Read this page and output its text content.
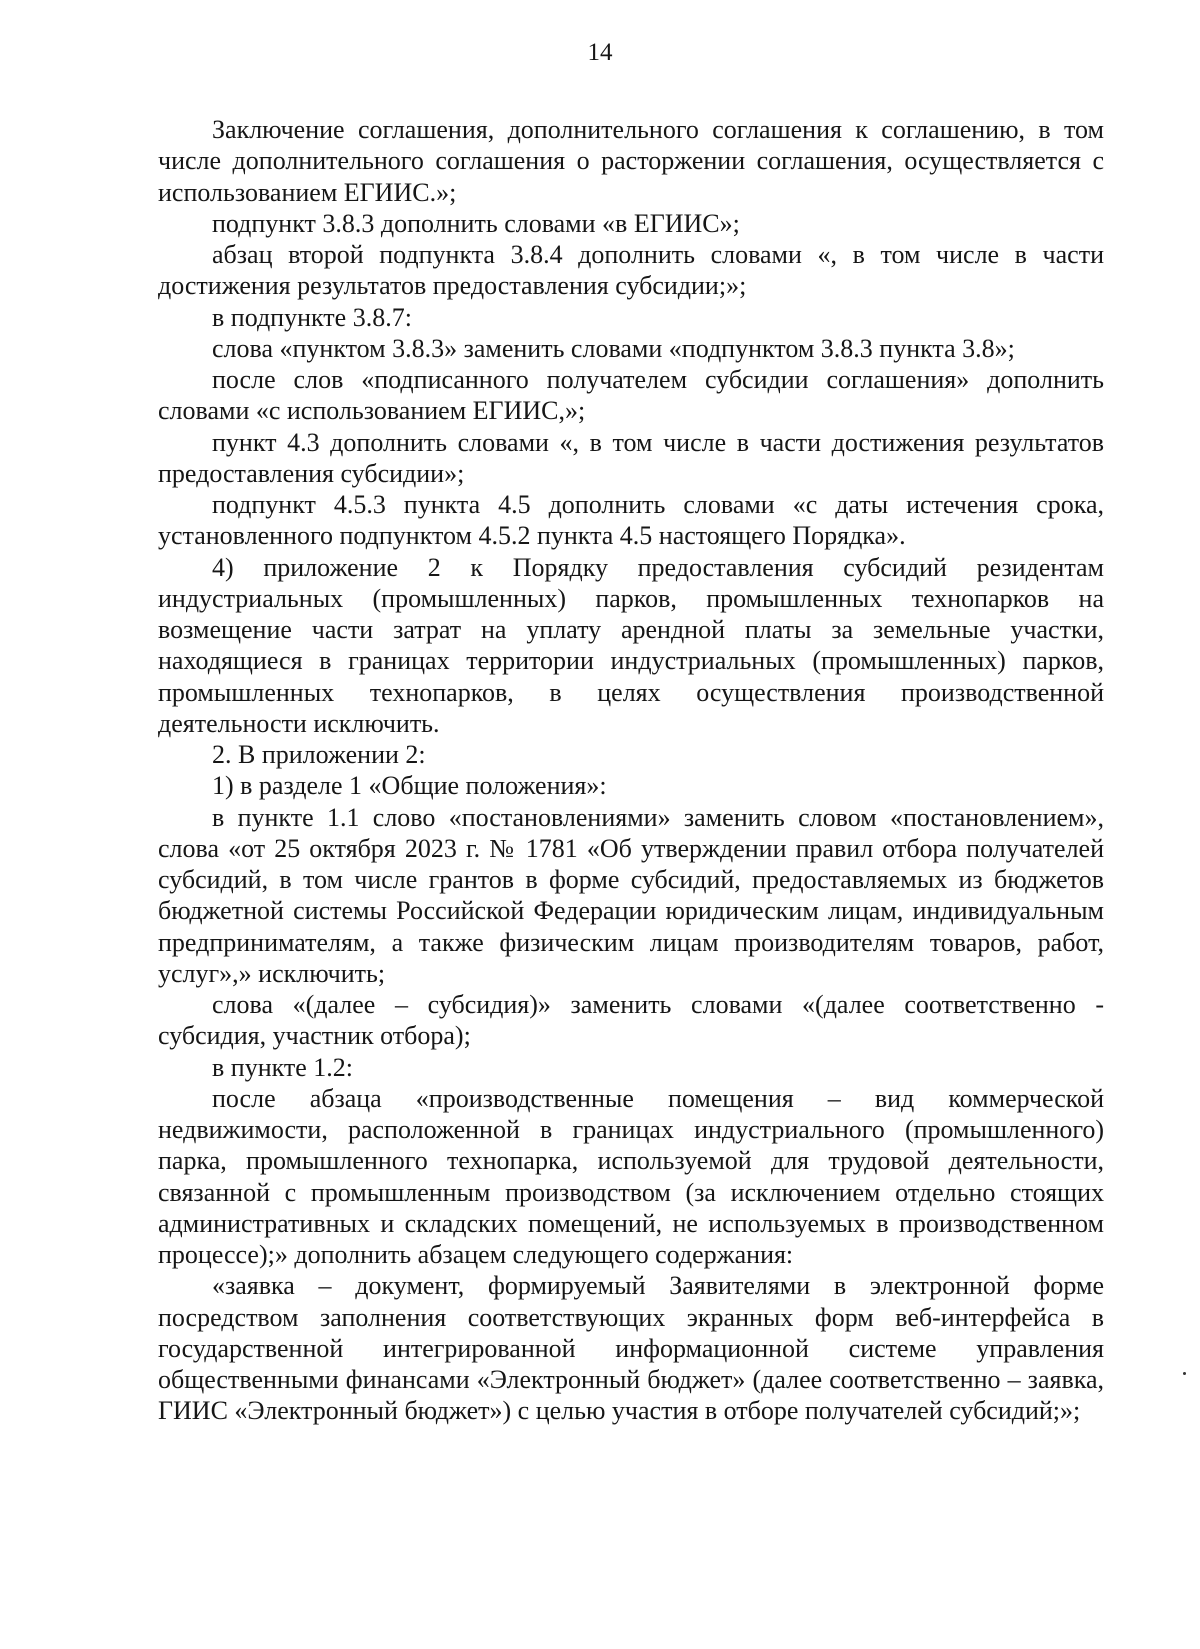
14

Заключение соглашения, дополнительного соглашения к соглашению, в том числе дополнительного соглашения о расторжении соглашения, осуществляется с использованием ЕГИИС.»;

подпункт 3.8.3 дополнить словами «в ЕГИИС»;

абзац второй подпункта 3.8.4 дополнить словами «, в том числе в части достижения результатов предоставления субсидии;»;

в подпункте 3.8.7:

слова «пунктом 3.8.3» заменить словами «подпунктом 3.8.3 пункта 3.8»;

после слов «подписанного получателем субсидии соглашения» дополнить словами «с использованием ЕГИИС,»;

пункт 4.3 дополнить словами «, в том числе в части достижения результатов предоставления субсидии»;

подпункт 4.5.3 пункта 4.5 дополнить словами «с даты истечения срока, установленного подпунктом 4.5.2 пункта 4.5 настоящего Порядка».

4) приложение 2 к Порядку предоставления субсидий резидентам индустриальных (промышленных) парков, промышленных технопарков на возмещение части затрат на уплату арендной платы за земельные участки, находящиеся в границах территории индустриальных (промышленных) парков, промышленных технопарков, в целях осуществления производственной деятельности исключить.

2. В приложении 2:

1) в разделе 1 «Общие положения»:

в пункте 1.1 слово «постановлениями» заменить словом «постановлением», слова «от 25 октября 2023 г. № 1781 «Об утверждении правил отбора получателей субсидий, в том числе грантов в форме субсидий, предоставляемых из бюджетов бюджетной системы Российской Федерации юридическим лицам, индивидуальным предпринимателям, а также физическим лицам производителям товаров, работ, услуг»,» исключить;

слова «(далее – субсидия)» заменить словами «(далее соответственно - субсидия, участник отбора);

в пункте 1.2:

после абзаца «производственные помещения – вид коммерческой недвижимости, расположенной в границах индустриального (промышленного) парка, промышленного технопарка, используемой для трудовой деятельности, связанной с промышленным производством (за исключением отдельно стоящих административных и складских помещений, не используемых в производственном процессе);» дополнить абзацем следующего содержания:

«заявка – документ, формируемый Заявителями в электронной форме посредством заполнения соответствующих экранных форм веб-интерфейса в государственной интегрированной информационной системе управления общественными финансами «Электронный бюджет» (далее соответственно – заявка, ГИИС «Электронный бюджет») с целью участия в отборе получателей субсидий;»;
